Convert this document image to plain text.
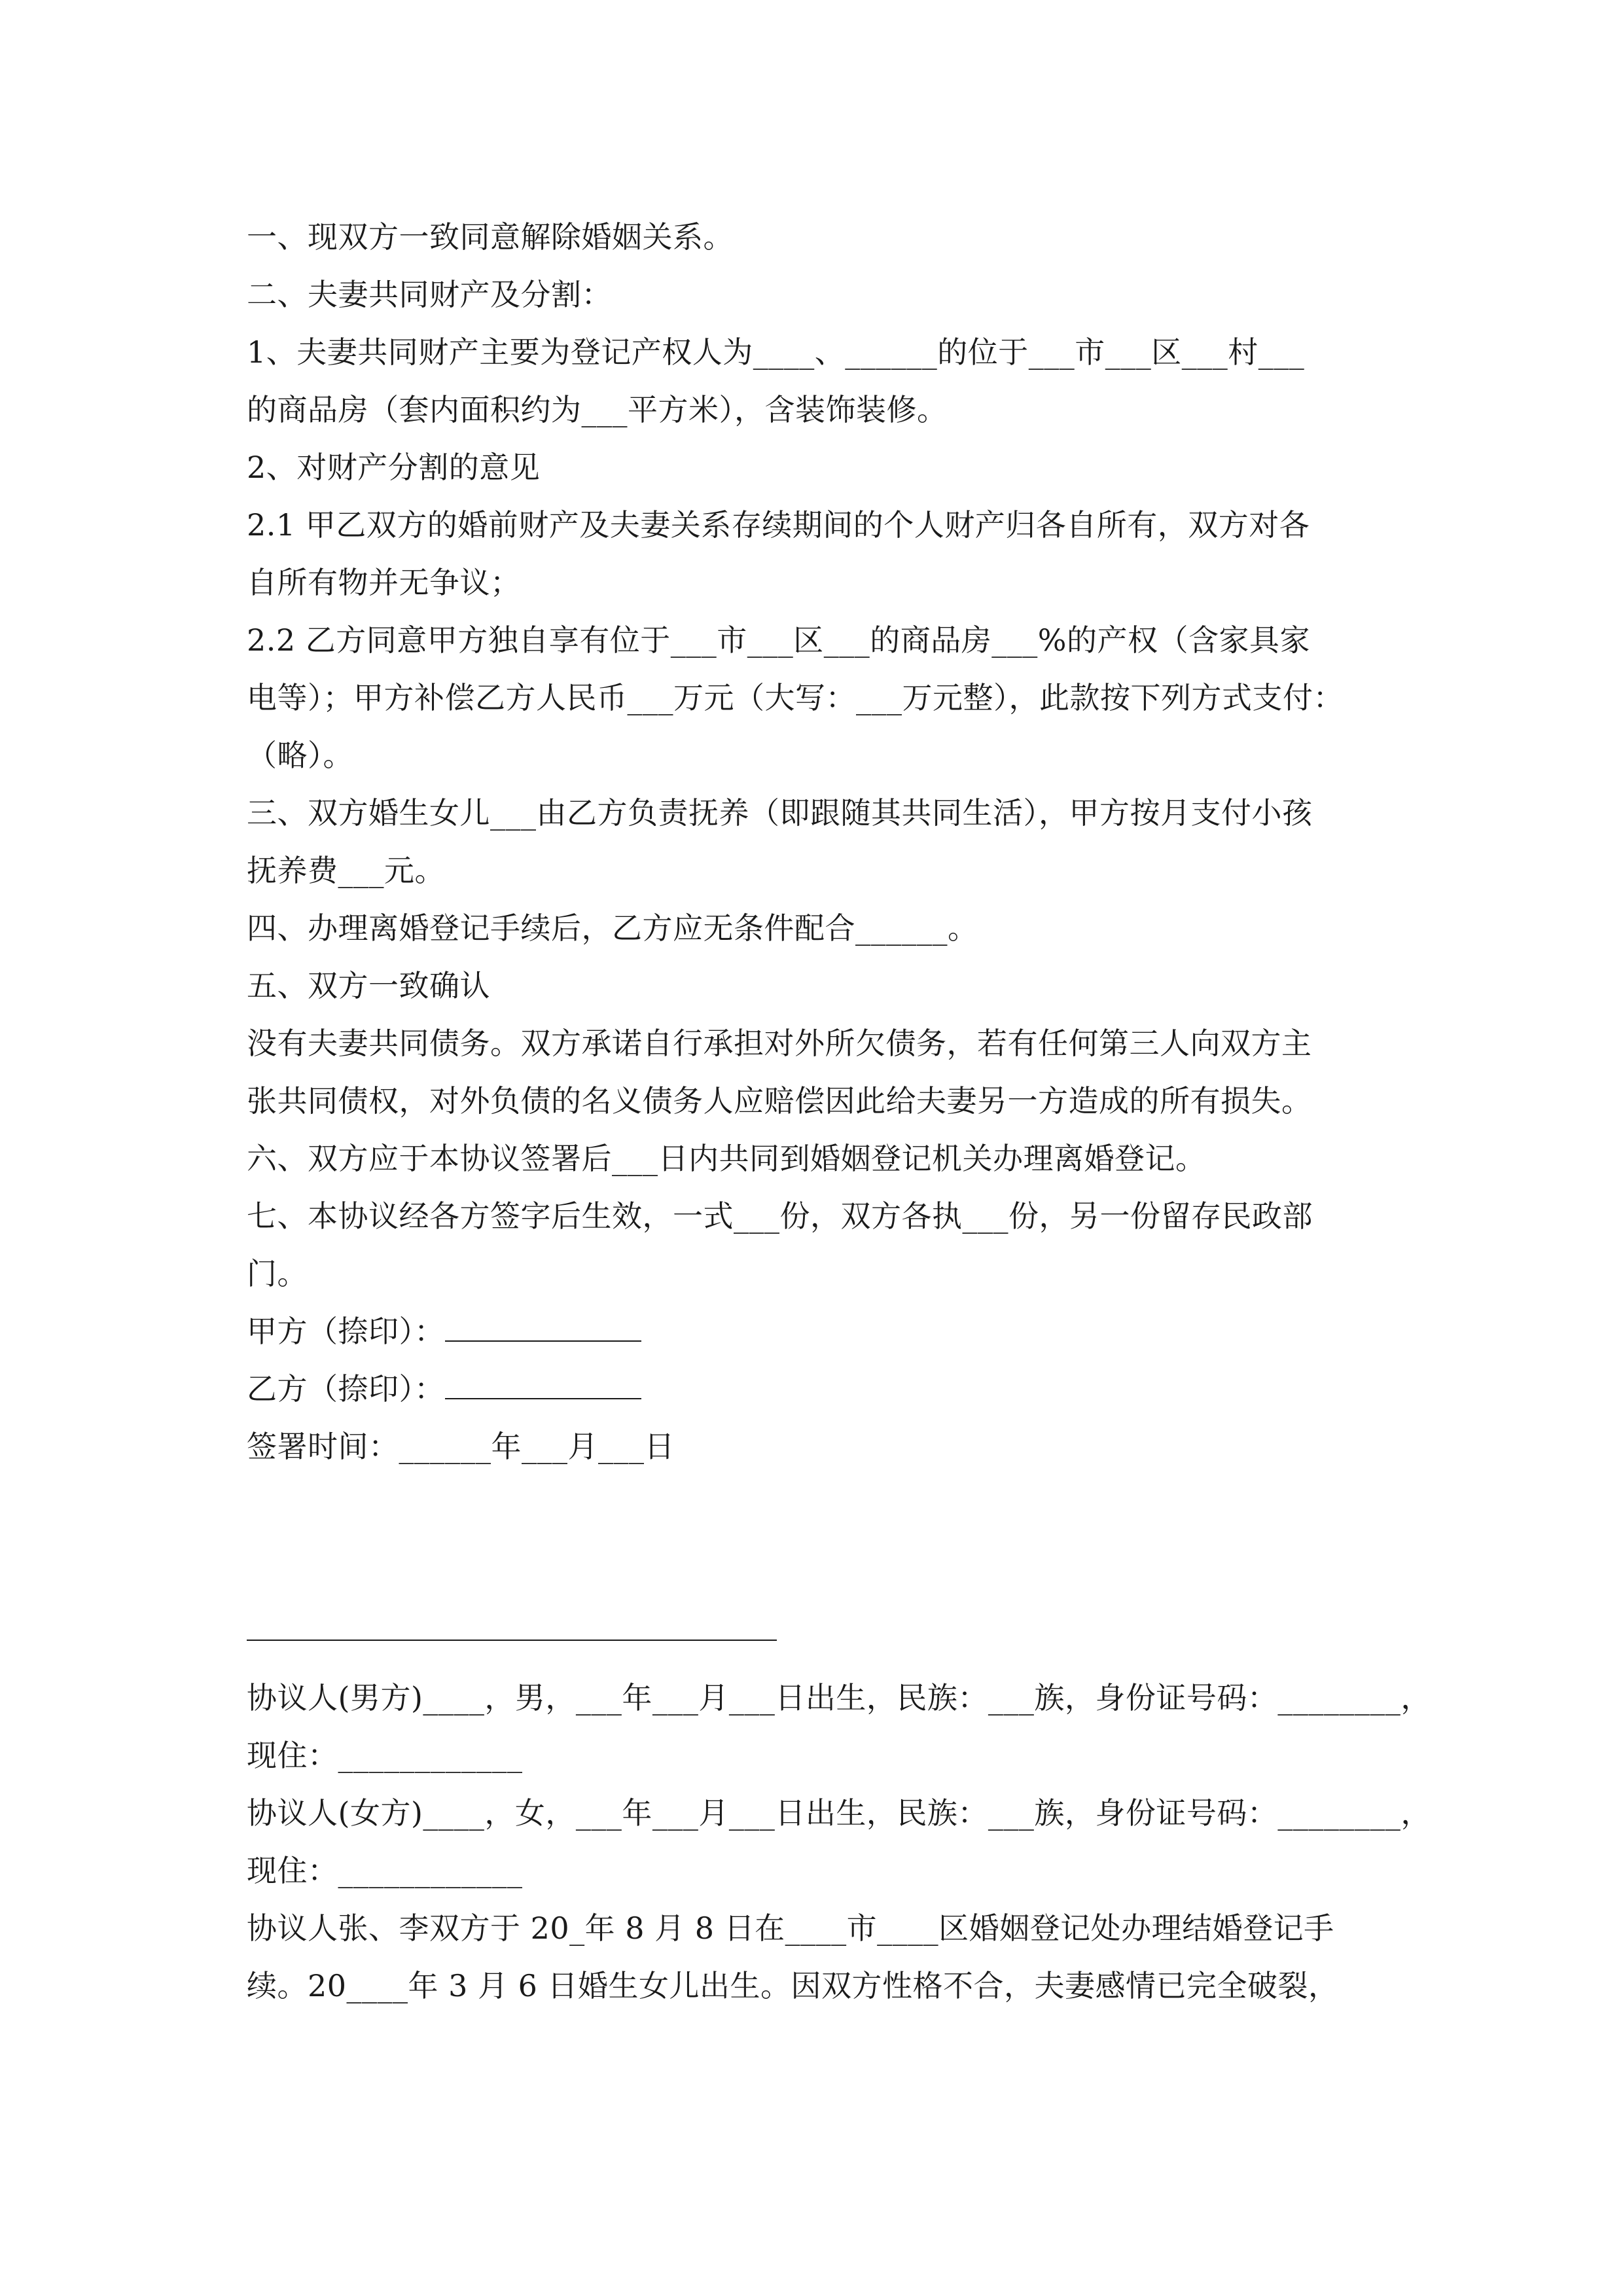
一、现双方一致同意解除婚姻关系。

二、夫妻共同财产及分割：

1、夫妻共同财产主要为登记产权人为____、______的位于___市___区___村___

的商品房（套内面积约为___平方米），含装饰装修。

2、对财产分割的意见

2.1 甲乙双方的婚前财产及夫妻关系存续期间的个人财产归各自所有，双方对各

自所有物并无争议；

2.2 乙方同意甲方独自享有位于___市___区___的商品房___%的产权（含家具家

电等）；甲方补偿乙方人民币___万元（大写：___万元整），此款按下列方式支付：

（略）。

三、双方婚生女儿___由乙方负责抚养（即跟随其共同生活），甲方按月支付小孩

抚养费___元。

四、办理离婚登记手续后，乙方应无条件配合______。

五、双方一致确认

没有夫妻共同债务。双方承诺自行承担对外所欠债务，若有任何第三人向双方主

张共同债权，对外负债的名义债务人应赔偿因此给夫妻另一方造成的所有损失。

六、双方应于本协议签署后___日内共同到婚姻登记机关办理离婚登记。

七、本协议经各方签字后生效，一式___份，双方各执___份，另一份留存民政部

门。

甲方（捺印）：

乙方（捺印）：

签署时间：______年___月___日

协议人(男方)____，男，___年___月___日出生，民族：___族，身份证号码：________，

现住：____________

协议人(女方)____，女，___年___月___日出生，民族：___族，身份证号码：________，

现住：____________

协议人张、李双方于 20_年 8 月 8 日在____市____区婚姻登记处办理结婚登记手

续。20____年 3 月 6 日婚生女儿出生。因双方性格不合，夫妻感情已完全破裂，
